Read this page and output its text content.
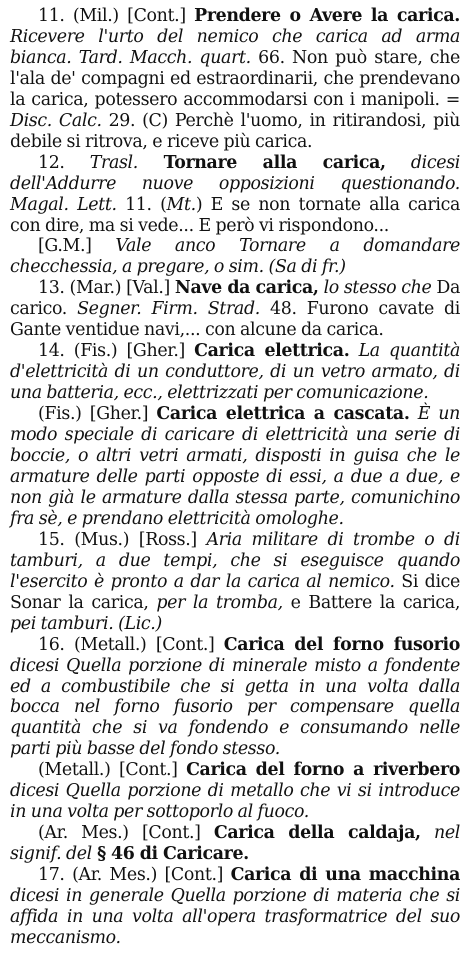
11. (Mil.) [Cont.] Prendere o Avere la carica. Ricevere l'urto del nemico che carica ad arma bianca. Tard. Macch. quart. 66. Non può stare, che l'ala de' compagni ed estraordinarii, che prendevano la carica, potessero accommodarsi con i manipoli. = Disc. Calc. 29. (C) Perchè l'uomo, in ritirandosi, più debile si ritrova, e riceve più carica.

12. Trasl. Tornare alla carica, dicesi dell'Addurre nuove opposizioni questionando. Magal. Lett. 11. (Mt.) E se non tornate alla carica con dire, ma si vede... E però vi rispondono...

[G.M.] Vale anco Tornare a domandare checchessia, a pregare, o sim. (Sa di fr.)

13. (Mar.) [Val.] Nave da carica, lo stesso che Da carico. Segner. Firm. Strad. 48. Furono cavate di Gante ventidue navi,... con alcune da carica.

14. (Fis.) [Gher.] Carica elettrica. La quantità d'elettricità di un conduttore, di un vetro armato, di una batteria, ecc., elettrizzati per comunicazione.

(Fis.) [Gher.] Carica elettrica a cascata. È un modo speciale di caricare di elettricità una serie di boccie, o altri vetri armati, disposti in guisa che le armature delle parti opposte di essi, a due a due, e non già le armature dalla stessa parte, comunichino fra sè, e prendano elettricità omologhe.

15. (Mus.) [Ross.] Aria militare di trombe o di tamburi, a due tempi, che si eseguisce quando l'esercito è pronto a dar la carica al nemico. Si dice Sonar la carica, per la tromba, e Battere la carica, pei tamburi. (Lic.)

16. (Metall.) [Cont.] Carica del forno fusorio dicesi Quella porzione di minerale misto a fondente ed a combustibile che si getta in una volta dalla bocca nel forno fusorio per compensare quella quantità che si va fondendo e consumando nelle parti più basse del fondo stesso.

(Metall.) [Cont.] Carica del forno a riverbero dicesi Quella porzione di metallo che vi si introduce in una volta per sottoporlo al fuoco.

(Ar. Mes.) [Cont.] Carica della caldaja, nel signif. del § 46 di Caricare.

17. (Ar. Mes.) [Cont.] Carica di una macchina dicesi in generale Quella porzione di materia che si affida in una volta all'opera trasformatrice del suo meccanismo.
